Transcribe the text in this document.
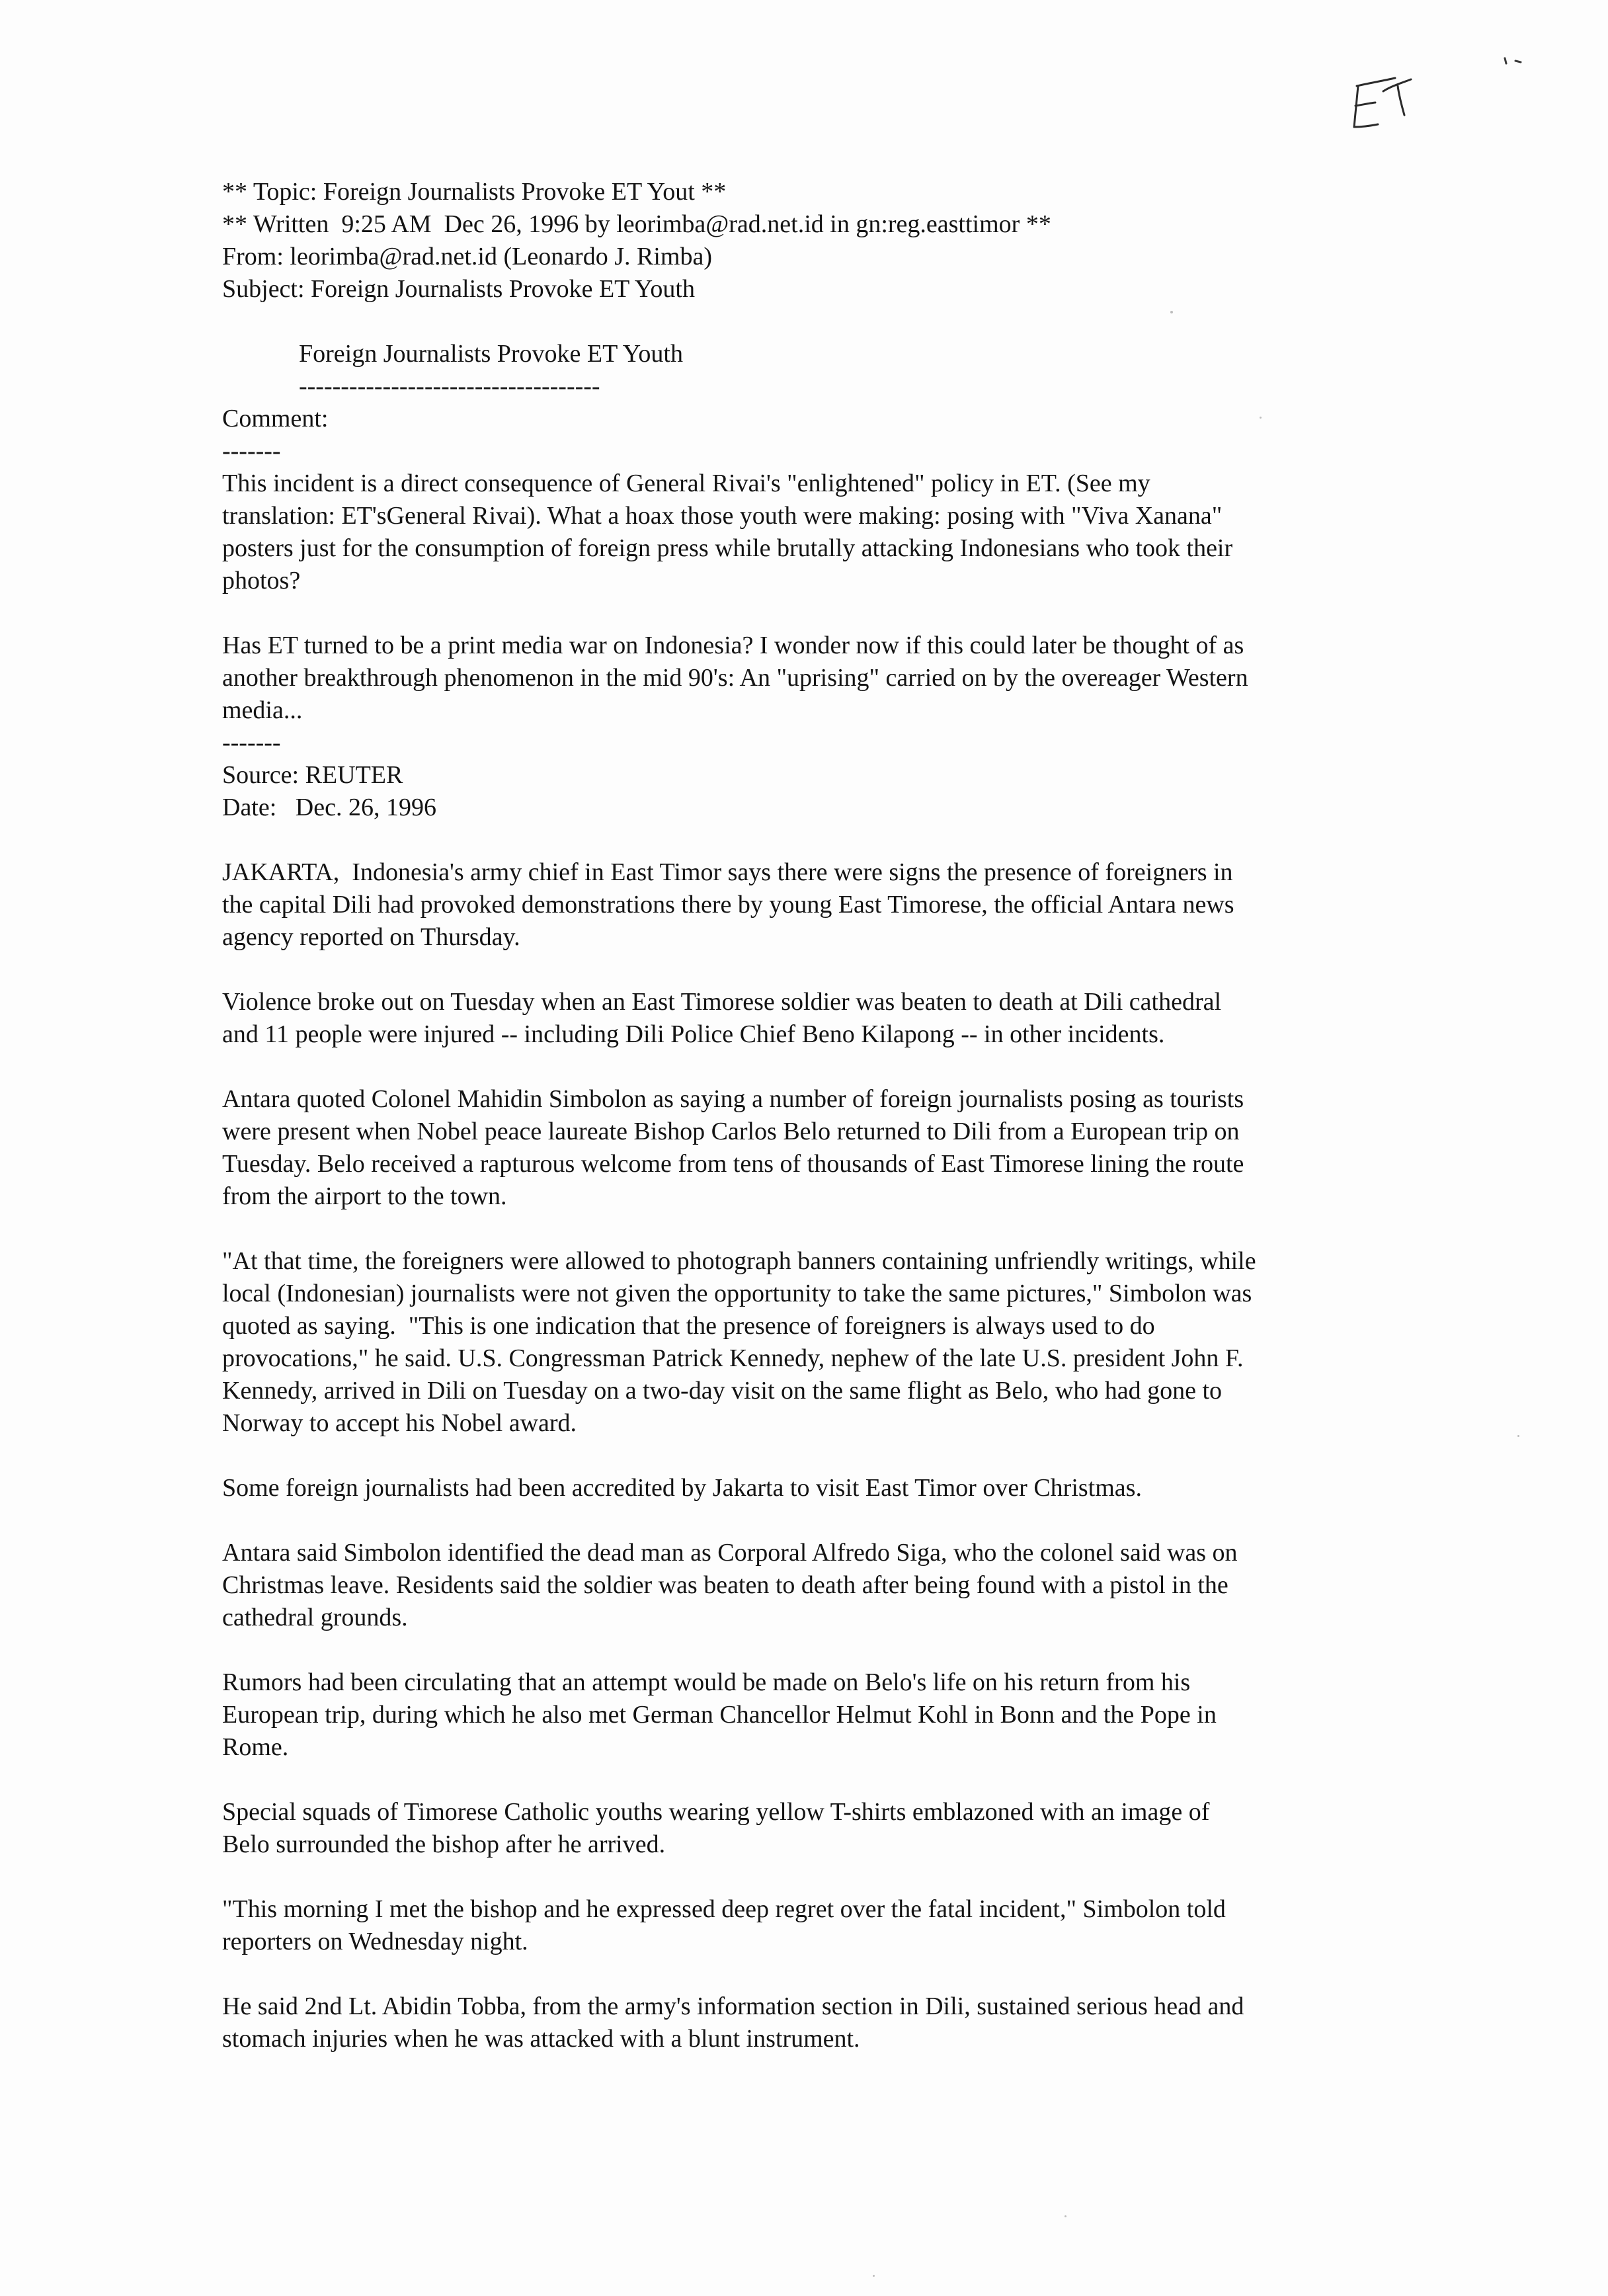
** Topic: Foreign Journalists Provoke ET Yout **
** Written  9:25 AM  Dec 26, 1996 by leorimba@rad.net.id in gn:reg.easttimor **
From: leorimba@rad.net.id (Leonardo J. Rimba)
Subject: Foreign Journalists Provoke ET Youth
Foreign Journalists Provoke ET Youth
------------------------------------
Comment:
-------
This incident is a direct consequence of General Rivai's "enlightened" policy in ET. (See my
translation: ET'sGeneral Rivai). What a hoax those youth were making: posing with "Viva Xanana"
posters just for the consumption of foreign press while brutally attacking Indonesians who took their
photos?
Has ET turned to be a print media war on Indonesia? I wonder now if this could later be thought of as
another breakthrough phenomenon in the mid 90's: An "uprising" carried on by the overeager Western
media...
-------
Source: REUTER
Date:   Dec. 26, 1996
JAKARTA,  Indonesia's army chief in East Timor says there were signs the presence of foreigners in
the capital Dili had provoked demonstrations there by young East Timorese, the official Antara news
agency reported on Thursday.
Violence broke out on Tuesday when an East Timorese soldier was beaten to death at Dili cathedral
and 11 people were injured -- including Dili Police Chief Beno Kilapong -- in other incidents.
Antara quoted Colonel Mahidin Simbolon as saying a number of foreign journalists posing as tourists
were present when Nobel peace laureate Bishop Carlos Belo returned to Dili from a European trip on
Tuesday. Belo received a rapturous welcome from tens of thousands of East Timorese lining the route
from the airport to the town.
"At that time, the foreigners were allowed to photograph banners containing unfriendly writings, while
local (Indonesian) journalists were not given the opportunity to take the same pictures," Simbolon was
quoted as saying.  "This is one indication that the presence of foreigners is always used to do
provocations," he said. U.S. Congressman Patrick Kennedy, nephew of the late U.S. president John F.
Kennedy, arrived in Dili on Tuesday on a two-day visit on the same flight as Belo, who had gone to
Norway to accept his Nobel award.
Some foreign journalists had been accredited by Jakarta to visit East Timor over Christmas.
Antara said Simbolon identified the dead man as Corporal Alfredo Siga, who the colonel said was on
Christmas leave. Residents said the soldier was beaten to death after being found with a pistol in the
cathedral grounds.
Rumors had been circulating that an attempt would be made on Belo's life on his return from his
European trip, during which he also met German Chancellor Helmut Kohl in Bonn and the Pope in
Rome.
Special squads of Timorese Catholic youths wearing yellow T-shirts emblazoned with an image of
Belo surrounded the bishop after he arrived.
"This morning I met the bishop and he expressed deep regret over the fatal incident," Simbolon told
reporters on Wednesday night.
He said 2nd Lt. Abidin Tobba, from the army's information section in Dili, sustained serious head and
stomach injuries when he was attacked with a blunt instrument.
